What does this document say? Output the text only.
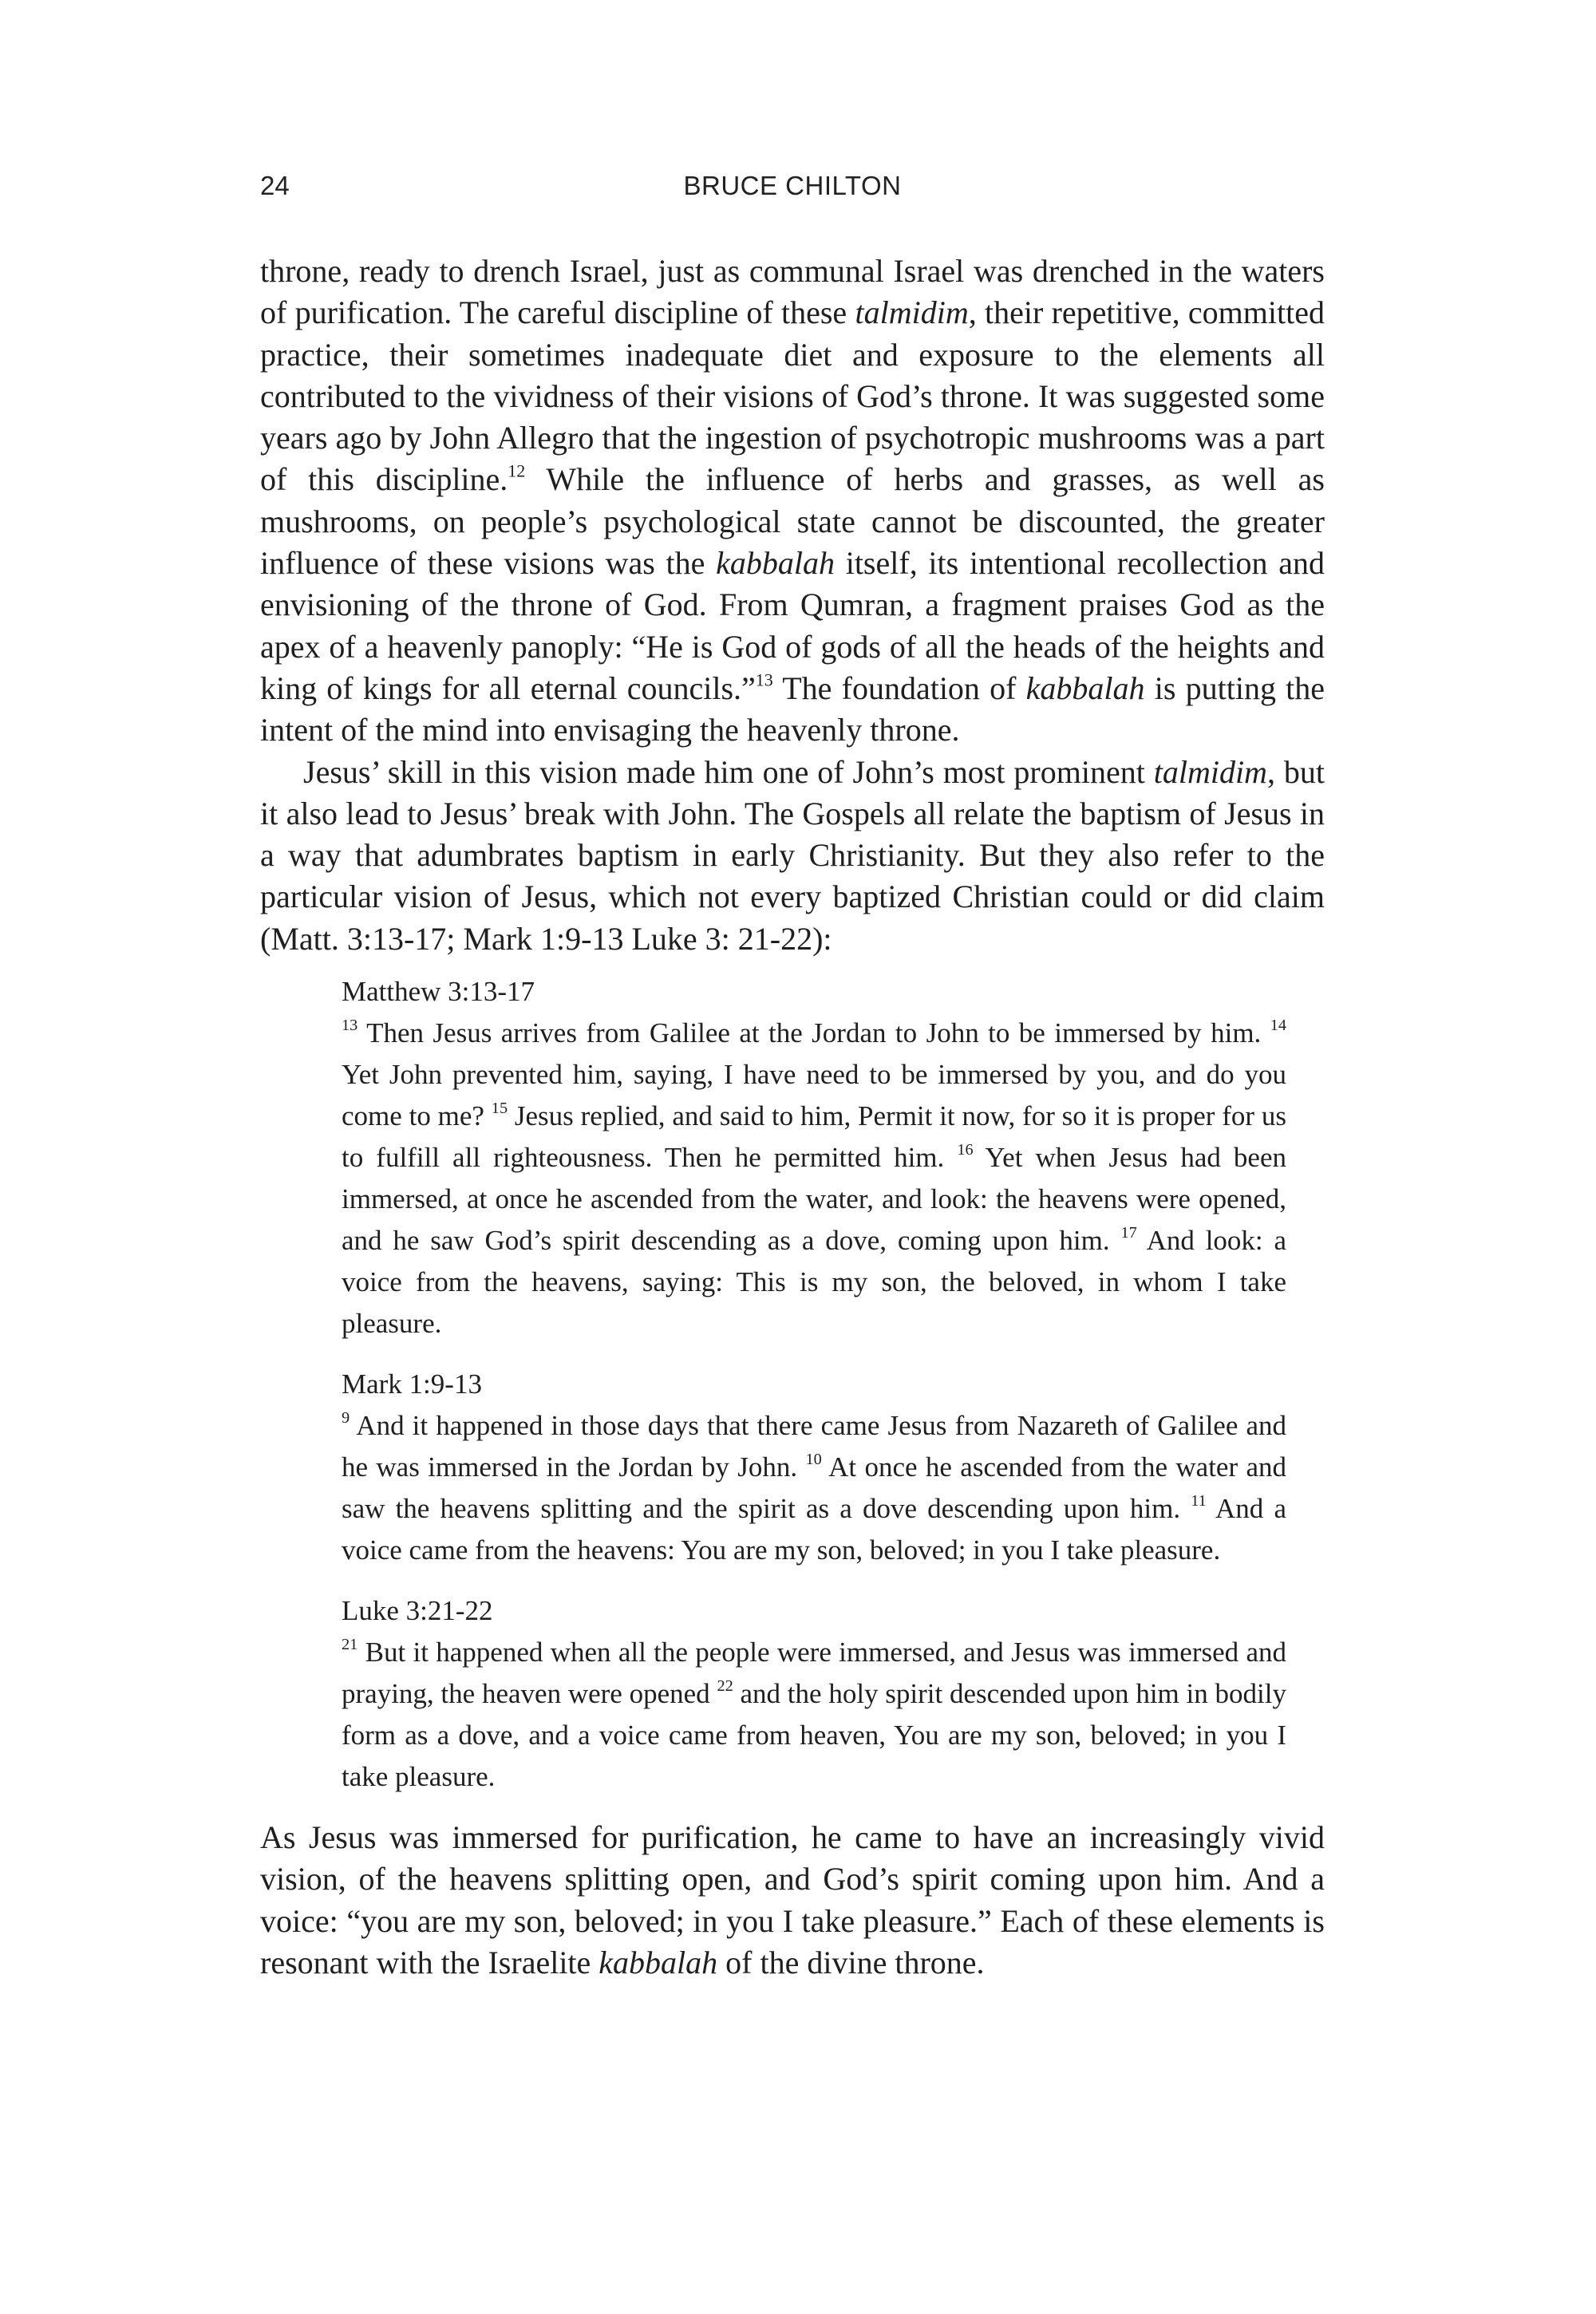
24	BRUCE CHILTON

throne, ready to drench Israel, just as communal Israel was drenched in the waters of purification. The careful discipline of these talmidim, their repetitive, committed practice, their sometimes inadequate diet and exposure to the elements all contributed to the vividness of their visions of God’s throne. It was suggested some years ago by John Allegro that the ingestion of psychotropic mushrooms was a part of this discipline.$^{12}$ While the influence of herbs and grasses, as well as mushrooms, on people’s psychological state cannot be discounted, the greater influence of these visions was the kabbalah itself, its intentional recollection and envisioning of the throne of God. From Qumran, a fragment praises God as the apex of a heavenly panoply: “He is God of gods of all the heads of the heights and king of kings for all eternal councils.”$^{13}$ The foundation of kabbalah is putting the intent of the mind into envisaging the heavenly throne.

Jesus’ skill in this vision made him one of John’s most prominent talmidim, but it also lead to Jesus’ break with John. The Gospels all relate the baptism of Jesus in a way that adumbrates baptism in early Christianity. But they also refer to the particular vision of Jesus, which not every baptized Christian could or did claim (Matt. 3:13-17; Mark 1:9-13 Luke 3: 21-22):

Matthew 3:13-17

$^{13}$ Then Jesus arrives from Galilee at the Jordan to John to be immersed by him. $^{14}$ Yet John prevented him, saying, I have need to be immersed by you, and do you come to me? $^{15}$ Jesus replied, and said to him, Permit it now, for so it is proper for us to fulfill all righteousness. Then he permitted him. $^{16}$ Yet when Jesus had been immersed, at once he ascended from the water, and look: the heavens were opened, and he saw God’s spirit descending as a dove, coming upon him. $^{17}$ And look: a voice from the heavens, saying: This is my son, the beloved, in whom I take pleasure.

Mark 1:9-13

$^9$ And it happened in those days that there came Jesus from Nazareth of Galilee and he was immersed in the Jordan by John. $^{10}$ At once he ascended from the water and saw the heavens splitting and the spirit as a dove descending upon him. $^{11}$ And a voice came from the heavens: You are my son, beloved; in you I take pleasure.

Luke 3:21-22

$^{21}$ But it happened when all the people were immersed, and Jesus was immersed and praying, the heaven were opened $^{22}$ and the holy spirit descended upon him in bodily form as a dove, and a voice came from heaven, You are my son, beloved; in you I take pleasure.

As Jesus was immersed for purification, he came to have an increasingly vivid vision, of the heavens splitting open, and God’s spirit coming upon him. And a voice: “you are my son, beloved; in you I take pleasure.” Each of these elements is resonant with the Israelite kabbalah of the divine throne.
